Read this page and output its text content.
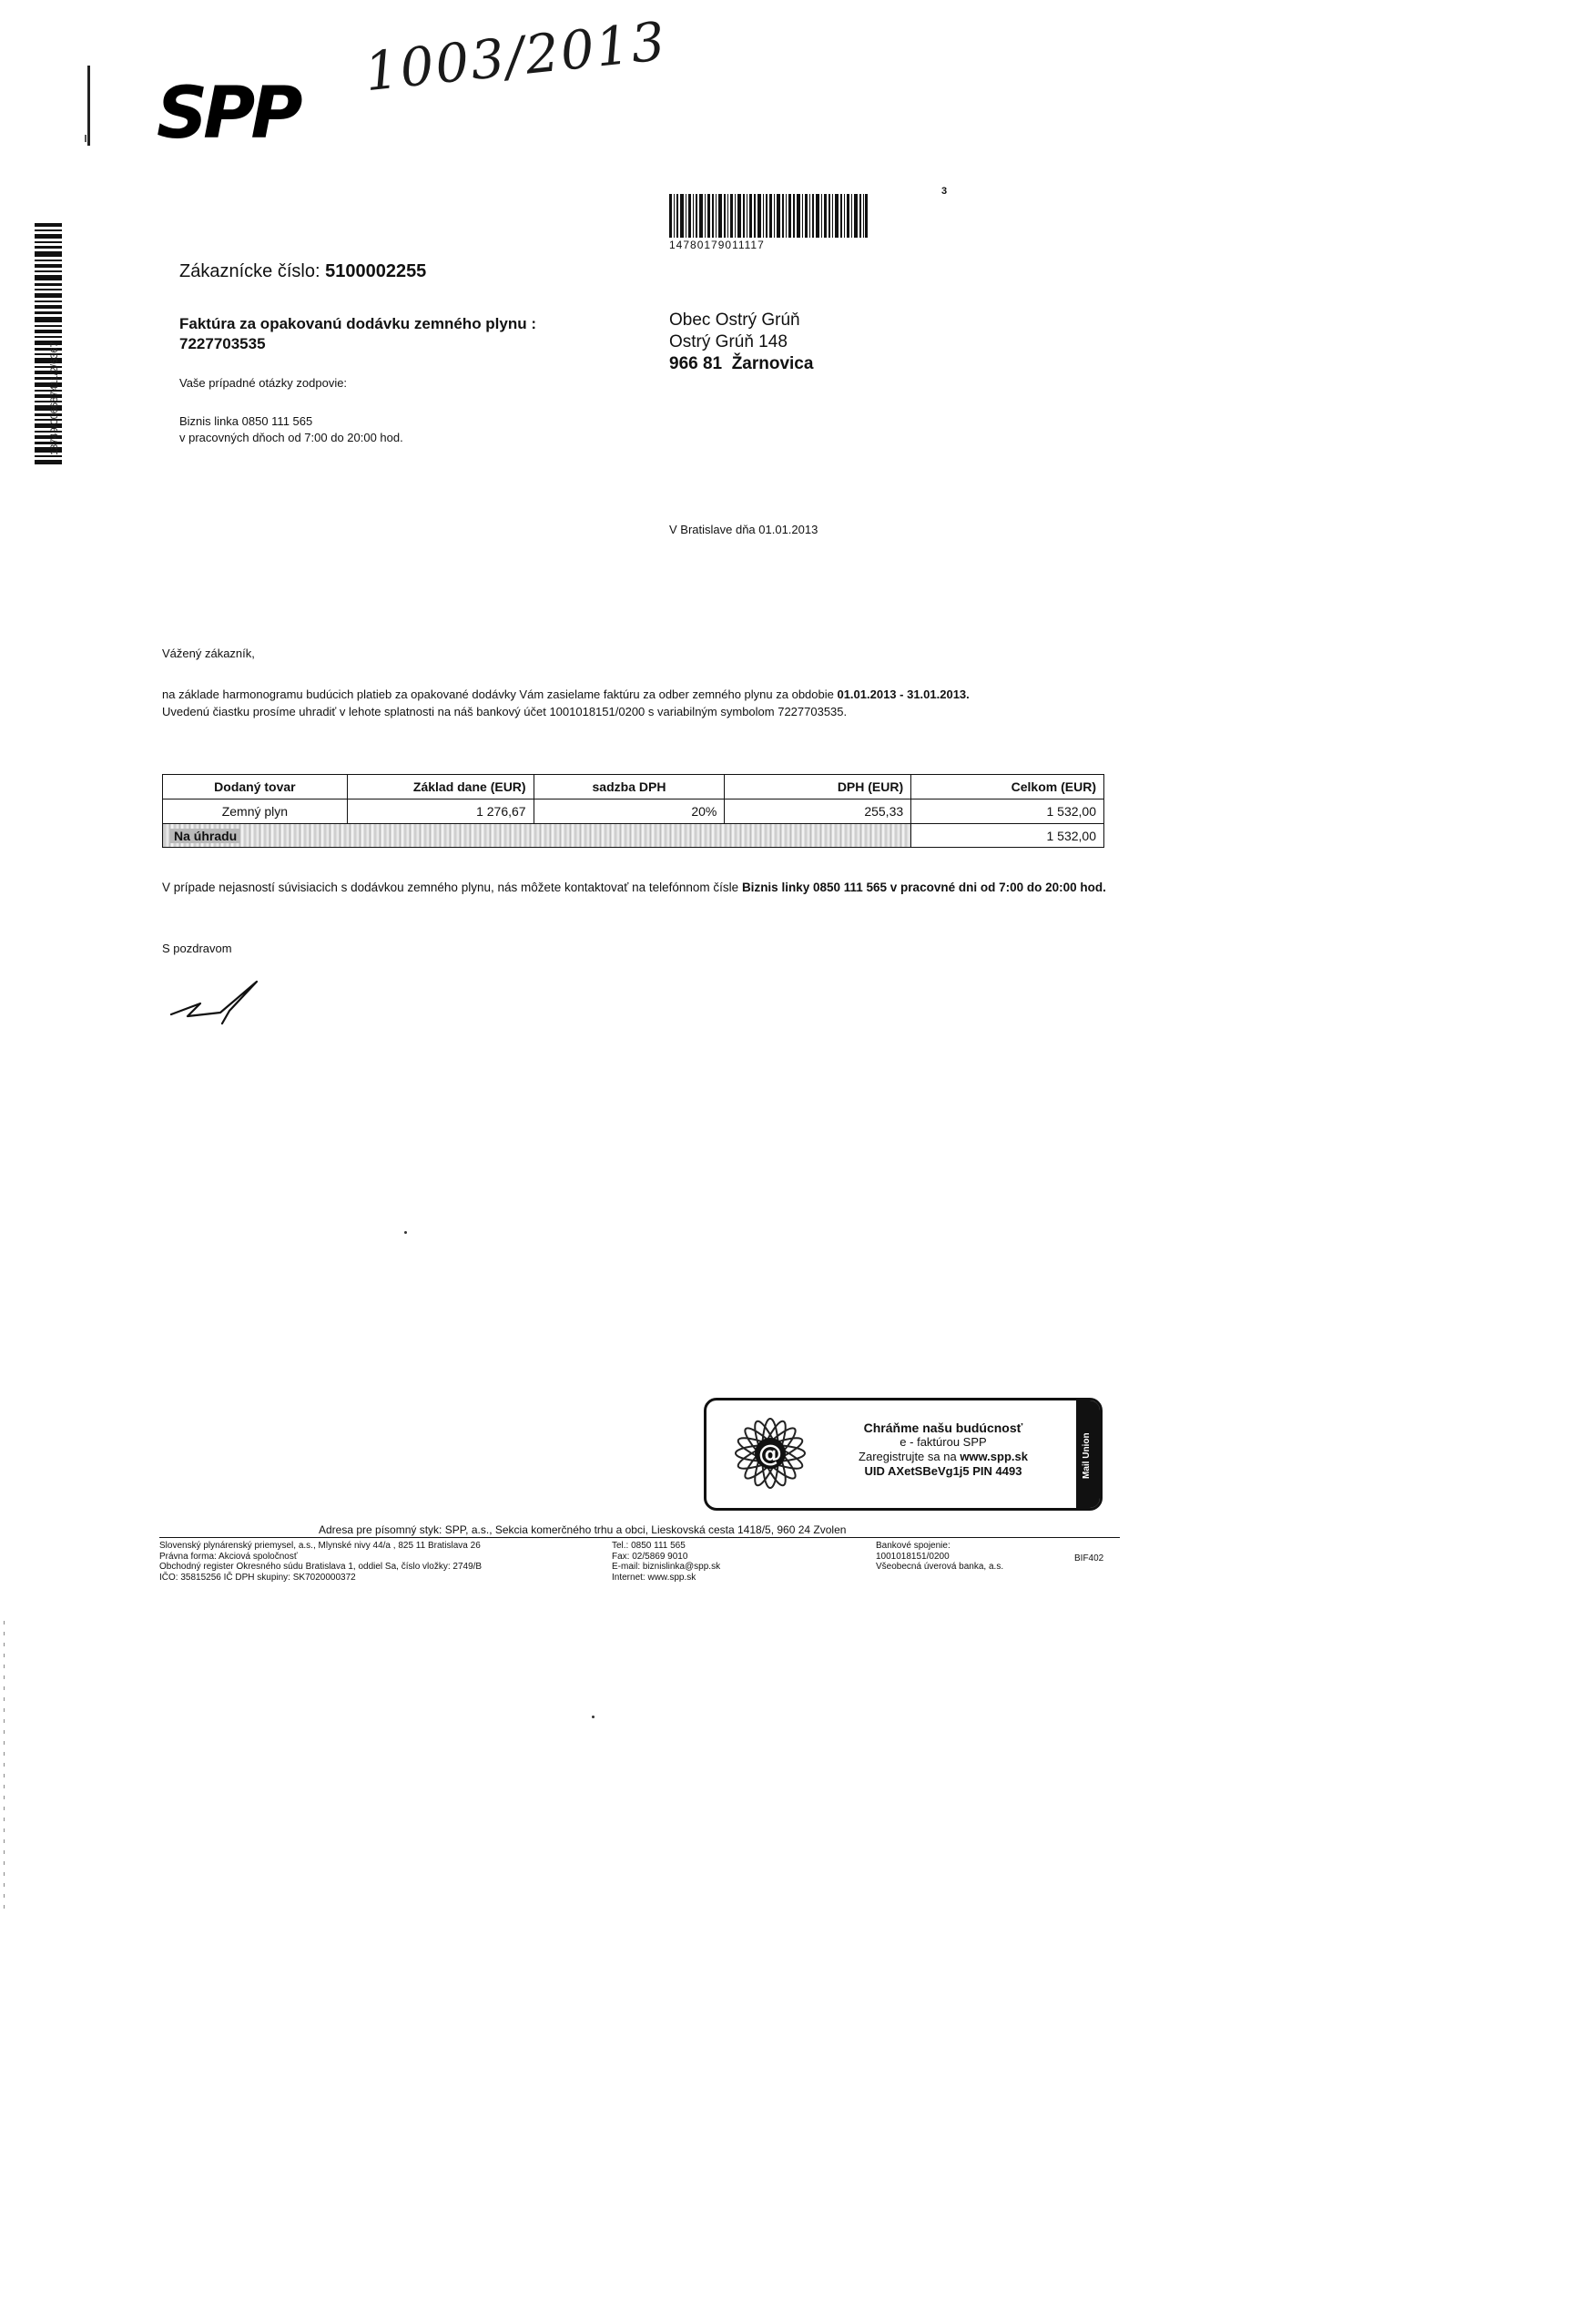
SPP
1003/2013
13749/006687411/2/6367
14780179011117
3
Zákaznícke číslo: 5100002255
Faktúra za opakovanú dodávku zemného plynu :
7227703535
Vaše prípadné otázky zodpovie:
Biznis linka 0850 111 565
v pracovných dňoch od 7:00 do 20:00 hod.
Obec Ostrý Grúň
Ostrý Grúň 148
966 81 Žarnovica
V Bratislave dňa 01.01.2013
Vážený zákazník,
na základe harmonogramu budúcich platieb za opakované dodávky Vám zasielame faktúru za odber zemného plynu za obdobie 01.01.2013 - 31.01.2013.
Uvedenú čiastku prosíme uhradiť v lehote splatnosti na náš bankový účet 1001018151/0200 s variabilným symbolom 7227703535.
Dodaný tovar	Základ dane (EUR)	sadzba DPH	DPH (EUR)	Celkom (EUR)
Zemný plyn	1 276,67	20%	255,33	1 532,00
Na úhradu				1 532,00
V prípade nejasností súvisiacich s dodávkou zemného plynu, nás môžete kontaktovať na telefónnom čísle Biznis linky 0850 111 565 v pracovné dni od 7:00 do 20:00 hod.
S pozdravom
@
Chráňme našu budúcnosť
e - faktúrou SPP
Zaregistrujte sa na www.spp.sk
UID AXetSBeVg1j5 PIN 4493	Mail Union
Adresa pre písomný styk: SPP, a.s., Sekcia komerčného trhu a obci, Lieskovská cesta 1418/5, 960 24 Zvolen
Slovenský plynárenský priemysel, a.s., Mlynské nivy 44/a , 825 11 Bratislava 26
Právna forma: Akciová spoločnosť
Obchodný register Okresného súdu Bratislava 1, oddiel Sa, číslo vložky: 2749/B
IČO: 35815256 IČ DPH skupiny: SK7020000372
Tel.: 0850 111 565
Fax: 02/5869 9010
E-mail: biznislinka@spp.sk
Internet: www.spp.sk
Bankové spojenie:
1001018151/0200
Všeobecná úverová banka, a.s.
BIF402
